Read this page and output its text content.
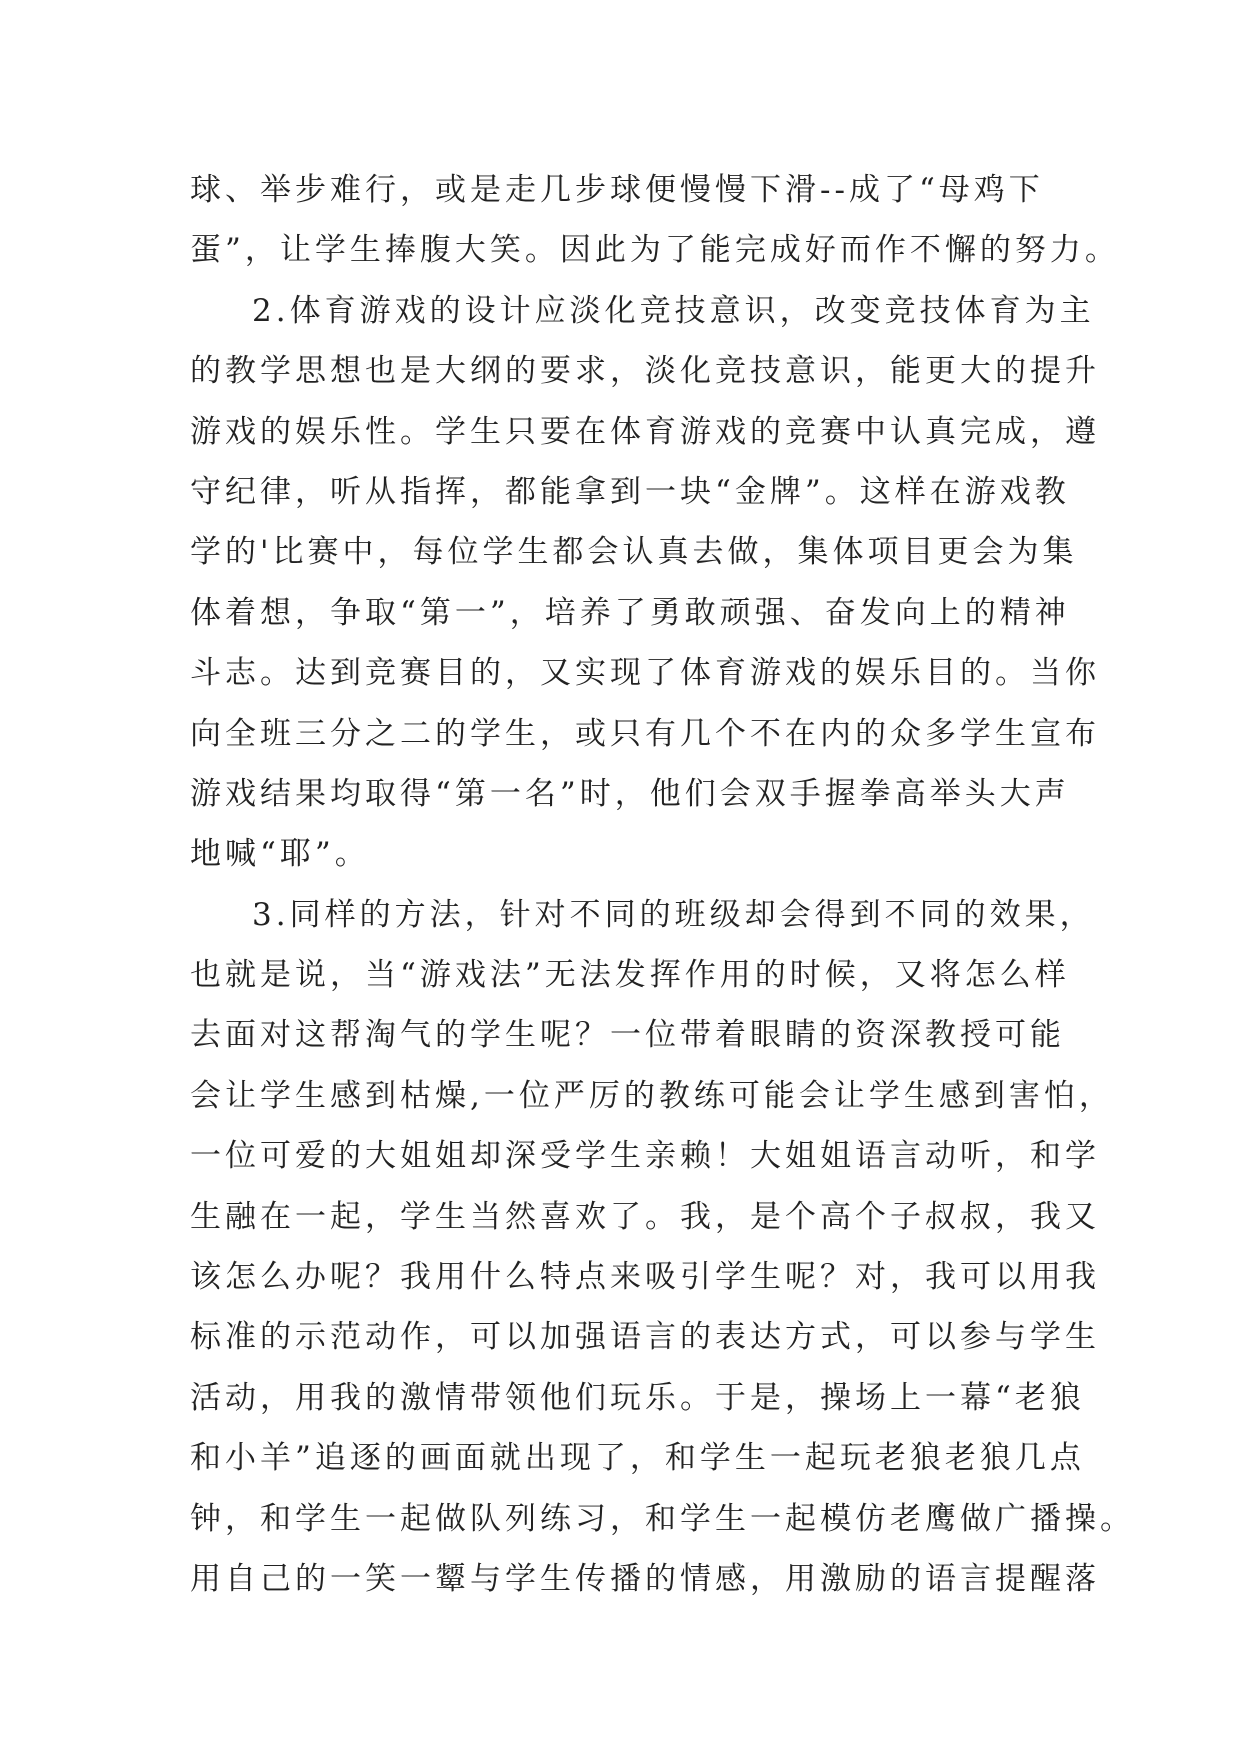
球、举步难行，或是走几步球便慢慢下滑--成了“母鸡下
蛋”，让学生捧腹大笑。因此为了能完成好而作不懈的努力。
2.体育游戏的设计应淡化竞技意识，改变竞技体育为主
的教学思想也是大纲的要求，淡化竞技意识，能更大的提升
游戏的娱乐性。学生只要在体育游戏的竞赛中认真完成，遵
守纪律，听从指挥，都能拿到一块“金牌”。这样在游戏教
学的'比赛中，每位学生都会认真去做，集体项目更会为集
体着想，争取“第一”，培养了勇敢顽强、奋发向上的精神
斗志。达到竞赛目的，又实现了体育游戏的娱乐目的。当你
向全班三分之二的学生，或只有几个不在内的众多学生宣布
游戏结果均取得“第一名”时，他们会双手握拳高举头大声
地喊“耶”。
3.同样的方法，针对不同的班级却会得到不同的效果，
也就是说，当“游戏法”无法发挥作用的时候，又将怎么样
去面对这帮淘气的学生呢？一位带着眼睛的资深教授可能
会让学生感到枯燥,一位严厉的教练可能会让学生感到害怕，
一位可爱的大姐姐却深受学生亲赖！大姐姐语言动听，和学
生融在一起，学生当然喜欢了。我，是个高个子叔叔，我又
该怎么办呢？我用什么特点来吸引学生呢？对，我可以用我
标准的示范动作，可以加强语言的表达方式，可以参与学生
活动，用我的激情带领他们玩乐。于是，操场上一幕“老狼
和小羊”追逐的画面就出现了，和学生一起玩老狼老狼几点
钟，和学生一起做队列练习，和学生一起模仿老鹰做广播操。
用自己的一笑一颦与学生传播的情感，用激励的语言提醒落
